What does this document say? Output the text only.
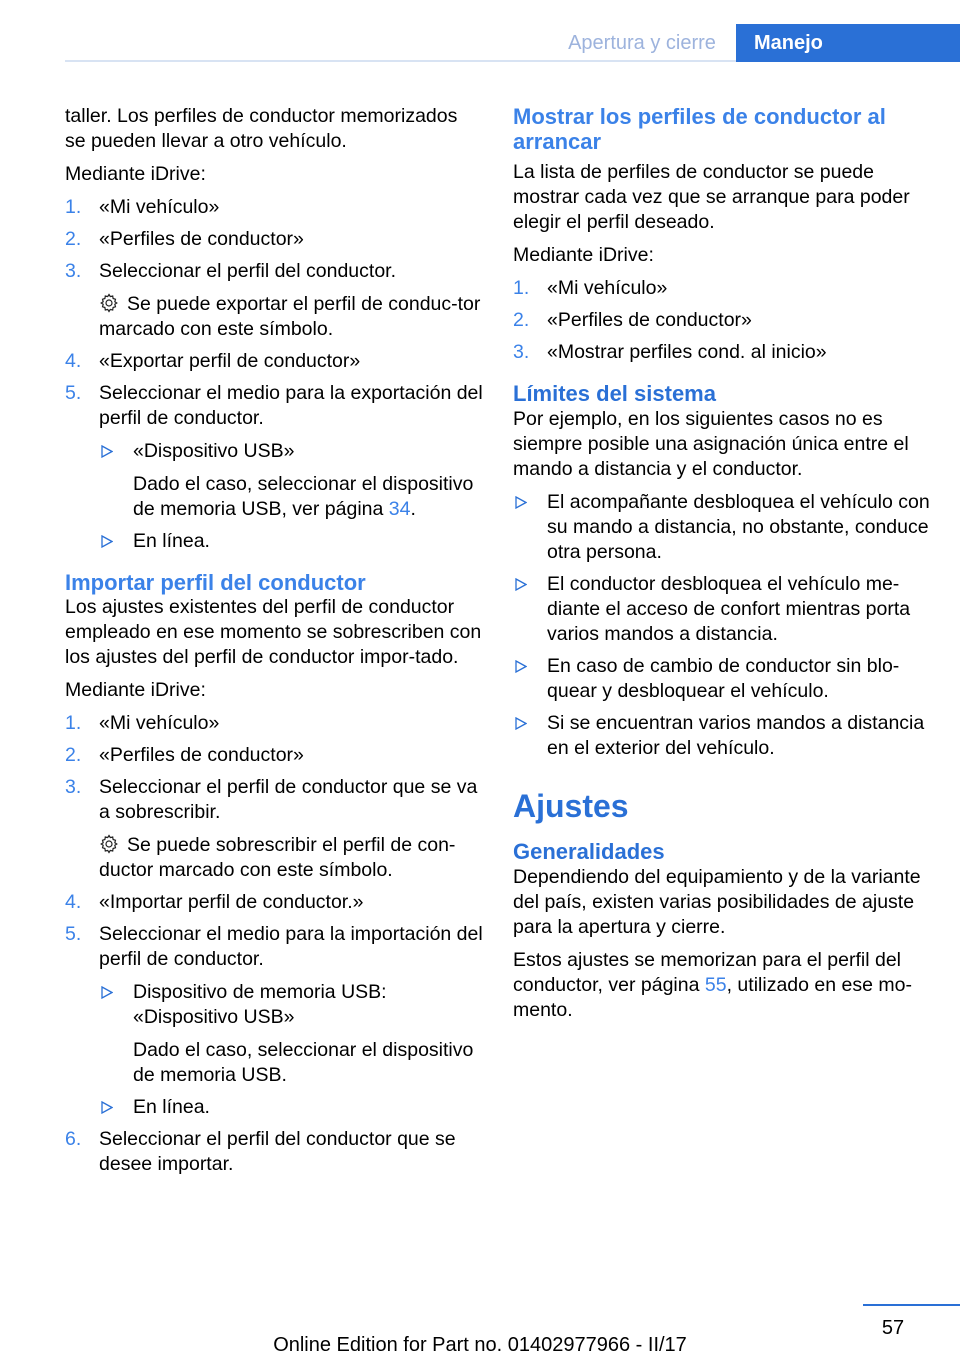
Apertura y cierre	Manejo

taller. Los perfiles de conductor memorizados se pueden llevar a otro vehículo.

Mediante iDrive:

1. «Mi vehículo»
2. «Perfiles de conductor»
3. Seleccionar el perfil del conductor.
Se puede exportar el perfil de conduc‐tor marcado con este símbolo.
4. «Exportar perfil de conductor»
5. Seleccionar el medio para la exportación del perfil de conductor.
«Dispositivo USB»
Dado el caso, seleccionar el dispositivo de memoria USB, ver página 34.
En línea.
Importar perfil del conductor

Los ajustes existentes del perfil de conductor empleado en ese momento se sobrescriben con los ajustes del perfil de conductor impor‐tado.

Mediante iDrive:

1. «Mi vehículo»
2. «Perfiles de conductor»
3. Seleccionar el perfil de conductor que se va a sobrescribir.
Se puede sobrescribir el perfil de con‐ductor marcado con este símbolo.
4. «Importar perfil de conductor.»
5. Seleccionar el medio para la importación del perfil de conductor.
Dispositivo de memoria USB: «Dispositivo USB»
Dado el caso, seleccionar el dispositivo de memoria USB.
En línea.
6. Seleccionar el perfil del conductor que se desee importar.
Mostrar los perfiles de conductor al arrancar

La lista de perfiles de conductor se puede mostrar cada vez que se arranque para poder elegir el perfil deseado.

Mediante iDrive:

1. «Mi vehículo»
2. «Perfiles de conductor»
3. «Mostrar perfiles cond. al inicio»
Límites del sistema

Por ejemplo, en los siguientes casos no es siempre posible una asignación única entre el mando a distancia y el conductor.

El acompañante desbloquea el vehículo con su mando a distancia, no obstante, conduce otra persona.
El conductor desbloquea el vehículo me‐diante el acceso de confort mientras porta varios mandos a distancia.
En caso de cambio de conductor sin blo‐quear y desbloquear el vehículo.
Si se encuentran varios mandos a distancia en el exterior del vehículo.
Ajustes
Generalidades

Dependiendo del equipamiento y de la variante del país, existen varias posibilidades de ajuste para la apertura y cierre.

Estos ajustes se memorizan para el perfil del conductor, ver página 55, utilizado en ese mo‐mento.

57
Online Edition for Part no. 01402977966 - II/17
